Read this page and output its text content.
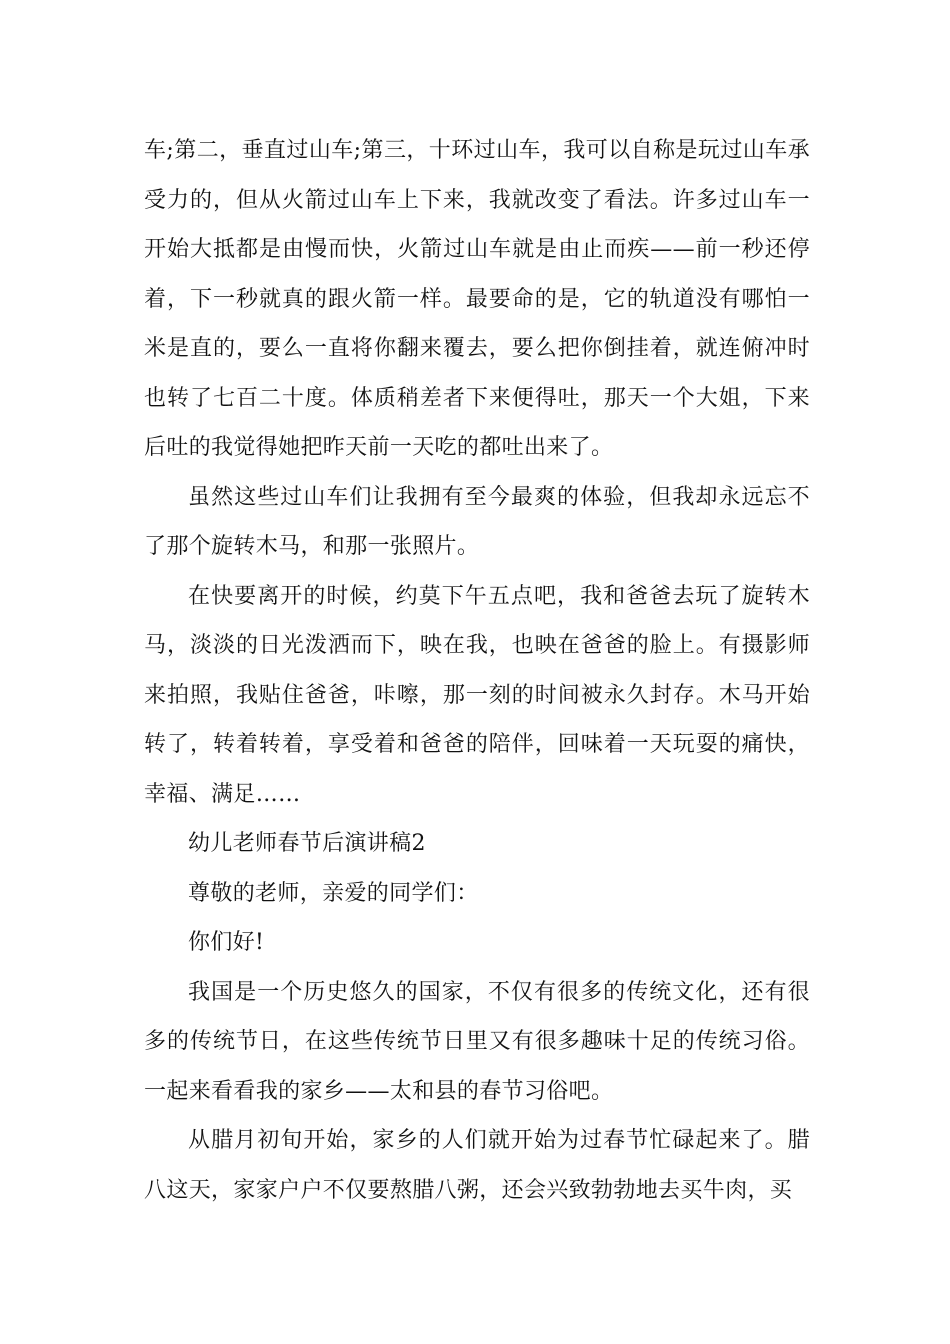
车;第二，垂直过山车;第三，十环过山车，我可以自称是玩过山车承受力的，但从火箭过山车上下来，我就改变了看法。许多过山车一开始大抵都是由慢而快，火箭过山车就是由止而疾——前一秒还停着，下一秒就真的跟火箭一样。最要命的是，它的轨道没有哪怕一米是直的，要么一直将你翻来覆去，要么把你倒挂着，就连俯冲时也转了七百二十度。体质稍差者下来便得吐，那天一个大姐，下来后吐的我觉得她把昨天前一天吃的都吐出来了。

虽然这些过山车们让我拥有至今最爽的体验，但我却永远忘不了那个旋转木马，和那一张照片。

在快要离开的时候，约莫下午五点吧，我和爸爸去玩了旋转木马，淡淡的日光泼洒而下，映在我，也映在爸爸的脸上。有摄影师来拍照，我贴住爸爸，咔嚓，那一刻的时间被永久封存。木马开始转了，转着转着，享受着和爸爸的陪伴，回味着一天玩耍的痛快，幸福、满足……

幼儿老师春节后演讲稿2

尊敬的老师，亲爱的同学们：

你们好!

我国是一个历史悠久的国家，不仅有很多的传统文化，还有很多的传统节日，在这些传统节日里又有很多趣味十足的传统习俗。一起来看看我的家乡——太和县的春节习俗吧。

从腊月初旬开始，家乡的人们就开始为过春节忙碌起来了。腊八这天，家家户户不仅要熬腊八粥，还会兴致勃勃地去买牛肉，买
